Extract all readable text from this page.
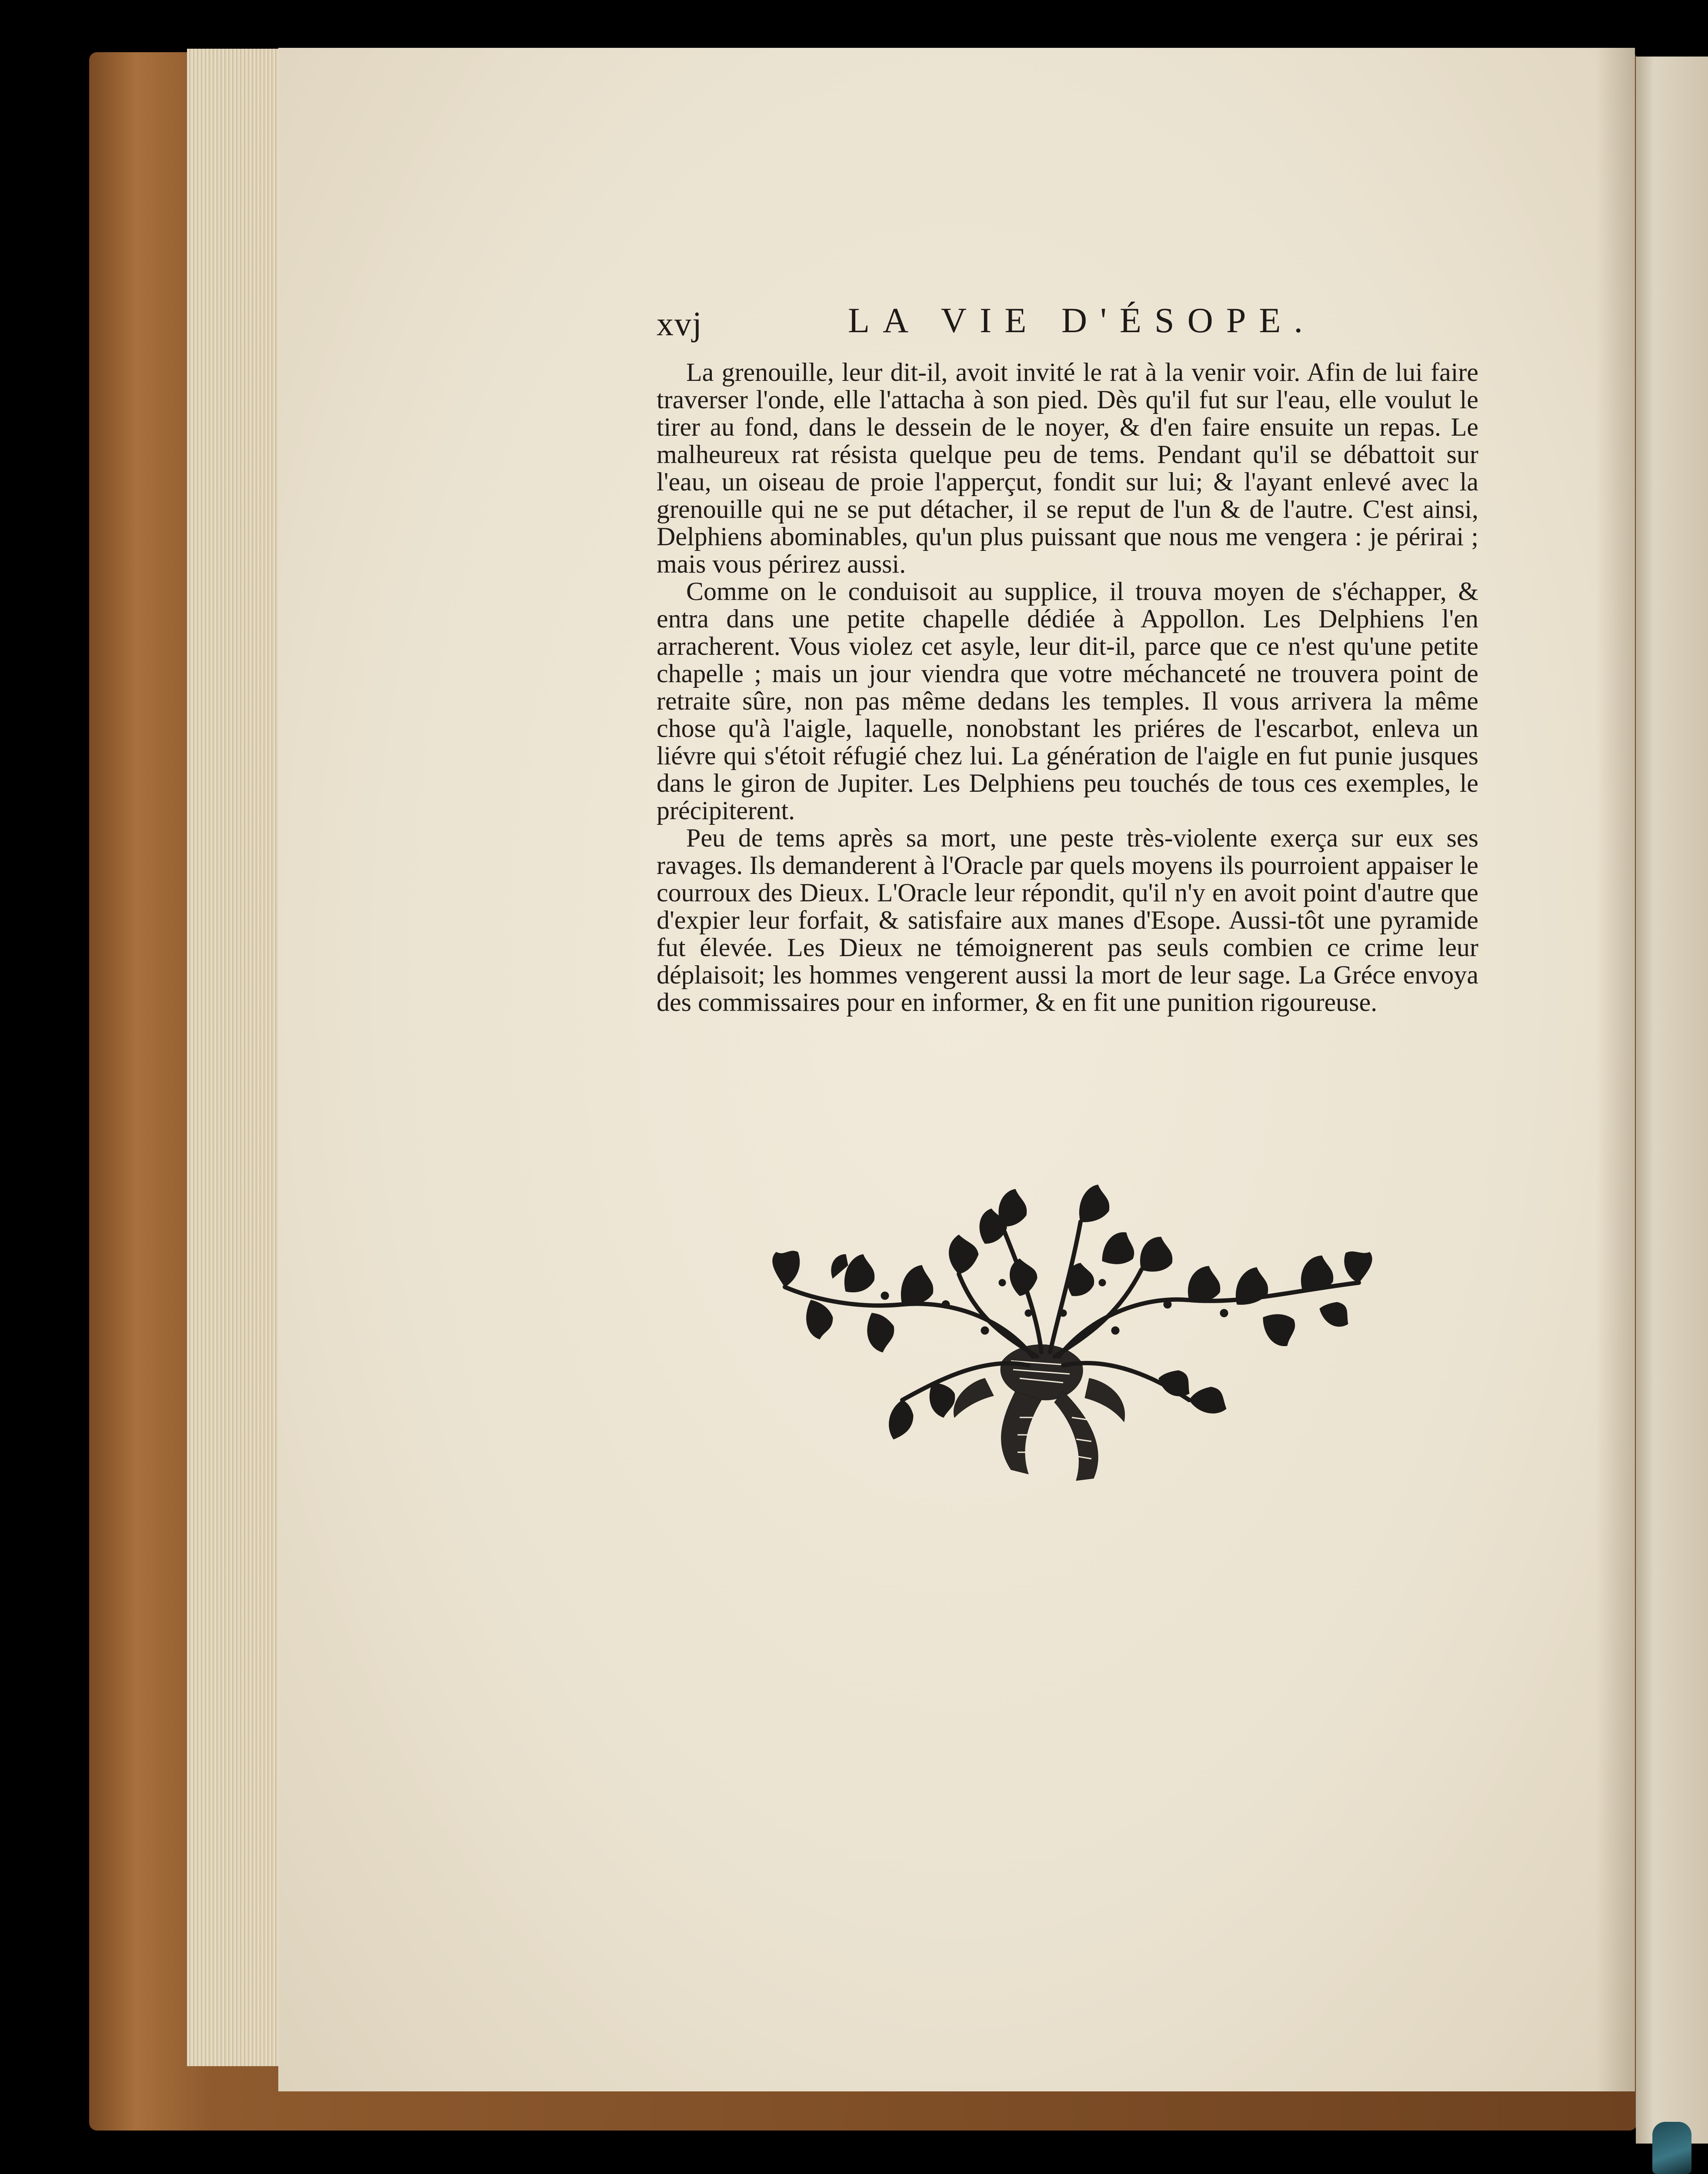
xvj	LA VIE D'ÉSOPE.

La grenouille, leur dit-il, avoit invité le rat à la venir voir. Afin de lui faire traverser l'onde, elle l'attacha à son pied. Dès qu'il fut sur l'eau, elle voulut le tirer au fond, dans le dessein de le noyer, & d'en faire ensuite un repas. Le malheureux rat résista quelque peu de tems. Pendant qu'il se débattoit sur l'eau, un oiseau de proie l'apperçut, fondit sur lui; & l'ayant enlevé avec la grenouille qui ne se put détacher, il se reput de l'un & de l'autre. C'est ainsi, Delphiens abominables, qu'un plus puissant que nous me vengera : je périrai ; mais vous périrez aussi.

Comme on le conduisoit au supplice, il trouva moyen de s'échapper, & entra dans une petite chapelle dédiée à Appollon. Les Delphiens l'en arracherent. Vous violez cet asyle, leur dit-il, parce que ce n'est qu'une petite chapelle ; mais un jour viendra que votre méchanceté ne trouvera point de retraite sûre, non pas même dedans les temples. Il vous arrivera la même chose qu'à l'aigle, laquelle, nonobstant les priéres de l'escarbot, enleva un liévre qui s'étoit réfugié chez lui. La génération de l'aigle en fut punie jusques dans le giron de Jupiter. Les Delphiens peu touchés de tous ces exemples, le précipiterent.

Peu de tems après sa mort, une peste très-violente exerça sur eux ses ravages. Ils demanderent à l'Oracle par quels moyens ils pourroient appaiser le courroux des Dieux. L'Oracle leur répondit, qu'il n'y en avoit point d'autre que d'expier leur forfait, & satisfaire aux manes d'Esope. Aussi-tôt une pyramide fut élevée. Les Dieux ne témoignerent pas seuls combien ce crime leur déplaisoit; les hommes vengerent aussi la mort de leur sage. La Gréce envoya des commissaires pour en informer, & en fit une punition rigoureuse.
